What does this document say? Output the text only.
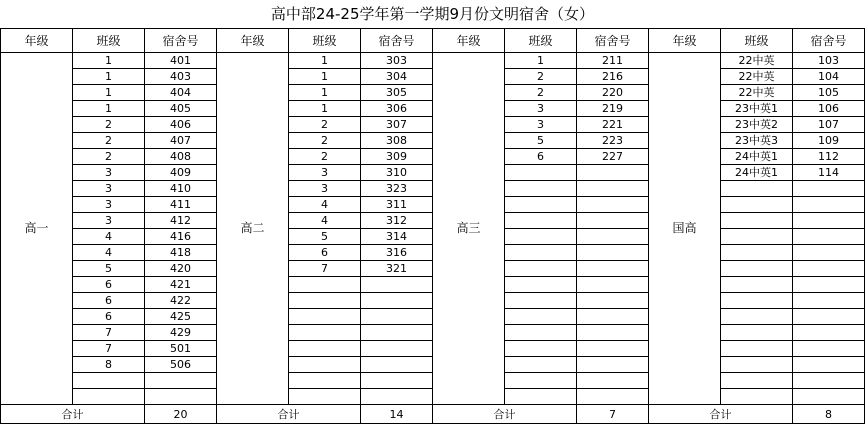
高中部24-25学年第一学期9月份文明宿舍（女）
年级	班级	宿舍号	年级	班级	宿舍号	年级	班级	宿舍号	年级	班级	宿舍号
高一	1	401	高二	1	303	高三	1	211	国高	22中英	103
	1	403		1	304		2	216		22中英	104
	1	404		1	305		2	220		22中英	105
	1	405		1	306		3	219		23中英1	106
	2	406		2	307		3	221		23中英2	107
	2	407		2	308		5	223		23中英3	109
	2	408		2	309		6	227		24中英1	112
	3	409		3	310					24中英1	114
	3	410		3	323						
	3	411		4	311						
	3	412		4	312						
	4	416		5	314						
	4	418		6	316						
	5	420		7	321						
	6	421									
	6	422									
	6	425									
	7	429									
	7	501									
	8	506									

合计		20	合计		14	合计		7	合计		8
